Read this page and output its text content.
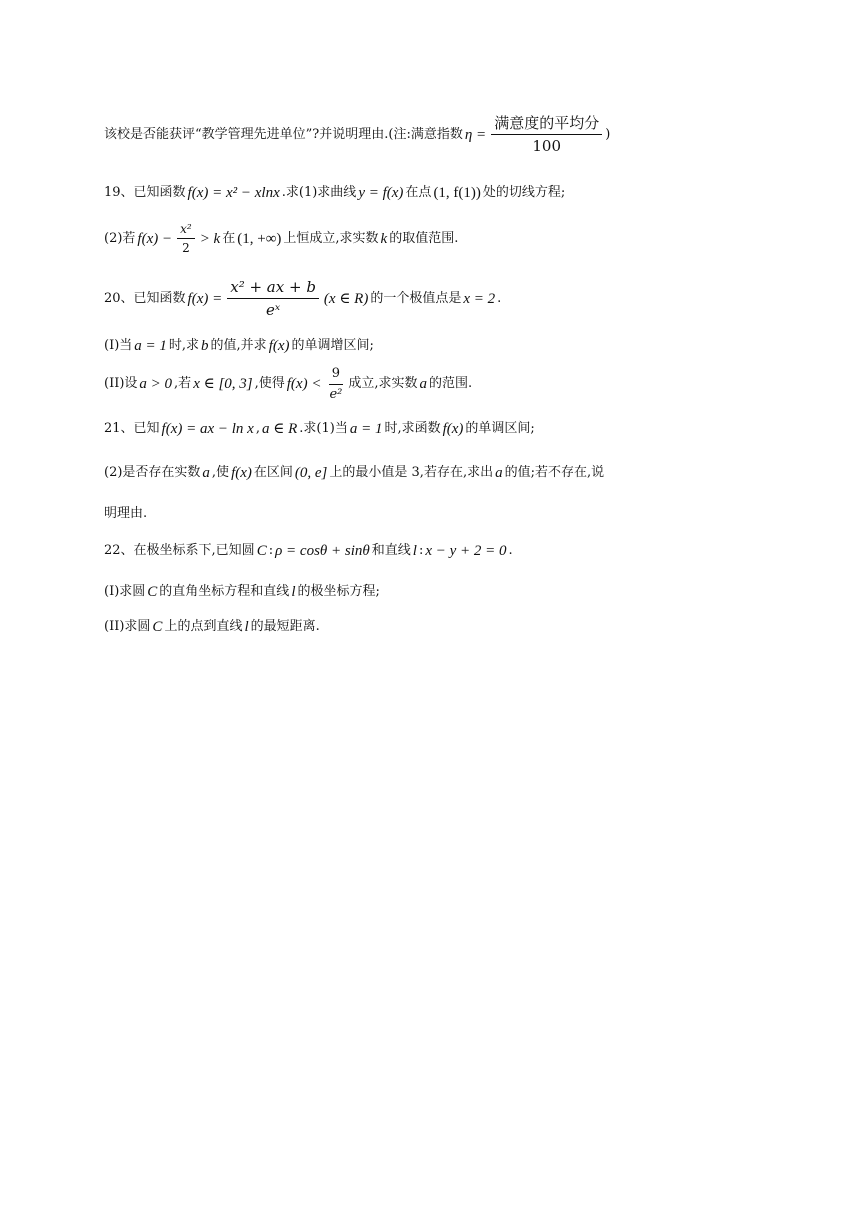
该校是否能获评“教学管理先进单位”?并说明理由.(注:满意指数 $\eta = \frac{\text{满意度的平均分}}{100}$ )
19、已知函数 f(x) = x² − xlnx .求(1)求曲线 y = f(x) 在点 (1, f(1)) 处的切线方程;
(2)若 $f(x) - \frac{\text{x²}}{2} > k$ 在 (1, +∞) 上恒成立,求实数 k 的取值范围.
20、已知函数 $f(x) = \frac{\text{x² + ax + b}}{\text{eˣ}} (x$ ∈ R) 的一个极值点是 x = 2 .
(I)当 a = 1 时,求 b 的值,并求 f(x) 的单调增区间;
(II)设 a > 0 ,若 x ∈ [0, 3] ,使得 $f(x) < \frac{9}{\text{e²}}$ 成立,求实数 a 的范围.
21、已知 f(x) = ax − ln x , a ∈ R .求(1)当 a = 1 时,求函数 f(x) 的单调区间;
(2)是否存在实数 a ,使 f(x) 在区间 (0, e] 上的最小值是 3,若存在,求出 a 的值;若不存在,说
明理由.
22、在极坐标系下,已知圆 C : ρ = cosθ + sinθ 和直线 l : x − y + 2 = 0 .
(I)求圆 C 的直角坐标方程和直线 l 的极坐标方程;
(II)求圆 C 上的点到直线 l 的最短距离.
